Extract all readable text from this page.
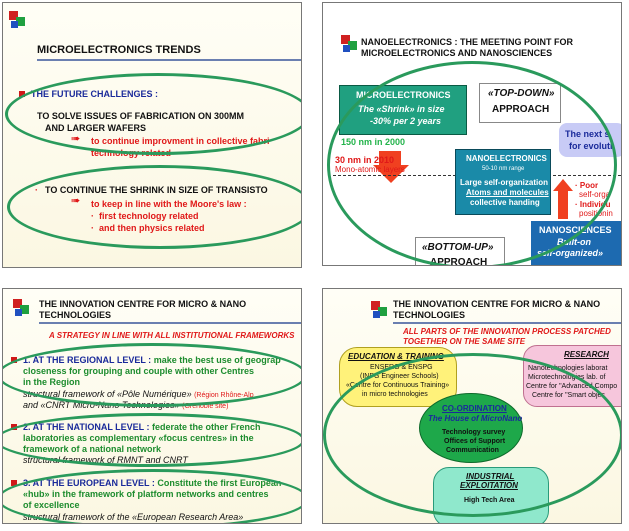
MICROELECTRONICS TRENDS
THE FUTURE CHALLENGES :
TO SOLVE ISSUES OF FABRICATION ON 300MM
AND LARGER WAFERS
➠ to continue improvment in collective fabri
technology related
· TO CONTINUE THE SHRINK IN SIZE OF TRANSISTO
➠ to keep in line with the Moore's law :
· first technology related
· and then physics related
NANOELECTRONICS : THE MEETING POINT FOR
MICROELECTRONICS AND NANOSCIENCES
MICROELECTRONICS
The «Shrink» in size
-30% per 2 years
«TOP-DOWN»
APPROACH
The next s
for evoluti
150 nm in 2000
30 nm in 2010
Mono-atomic layers
NANOELECTRONICS
50-10 nm range
Large self-organization
Atoms and molecules
collective handing
· Poor
self-orga
· Individu
positionin
NANOSCIENCES
Built-on
self-organized»
«BOTTOM-UP»
APPROACH
THE INNOVATION CENTRE FOR MICRO & NANO
TECHNOLOGIES
A STRATEGY IN LINE WITH ALL INSTITUTIONAL FRAMEWORKS
1. AT THE REGIONAL LEVEL : make the best use of geograp
closeness for grouping and couple with other Centres
in the Region
structural framework of «Pôle Numérique» (Région Rhône-Alp
and «CNRT Micro-Nano Technologies» (Grenoble site)
2. AT THE NATIONAL LEVEL : federate the other French
laboratories as complementary «focus centres» in the
framework of a national network
structural framework of RMNT and CNRT
3. AT THE EUROPEAN LEVEL : Constitute the first European
«hub» in the framework of platform networks and centres
of excellence
structural framework of the «European Research Area»
THE INNOVATION CENTRE FOR MICRO & NANO
TECHNOLOGIES
ALL PARTS OF THE INNOVATION PROCESS PATCHED
TOGETHER ON THE SAME SITE
EDUCATION & TRAINING
ENSERG & ENSPG
(INPG Engineer Schools)
«Centre for Continuous Training»
in micro technologies
RESEARCH
Nanotechnologies laborat
Microtechnologies lab. of
Centre for "Advanced Compo
Centre for "Smart objec
CO-ORDINATION
The House of MicroNano
Technology survey
Offices of Support
Communication
INDUSTRIAL
EXPLOITATION
High Tech Area
